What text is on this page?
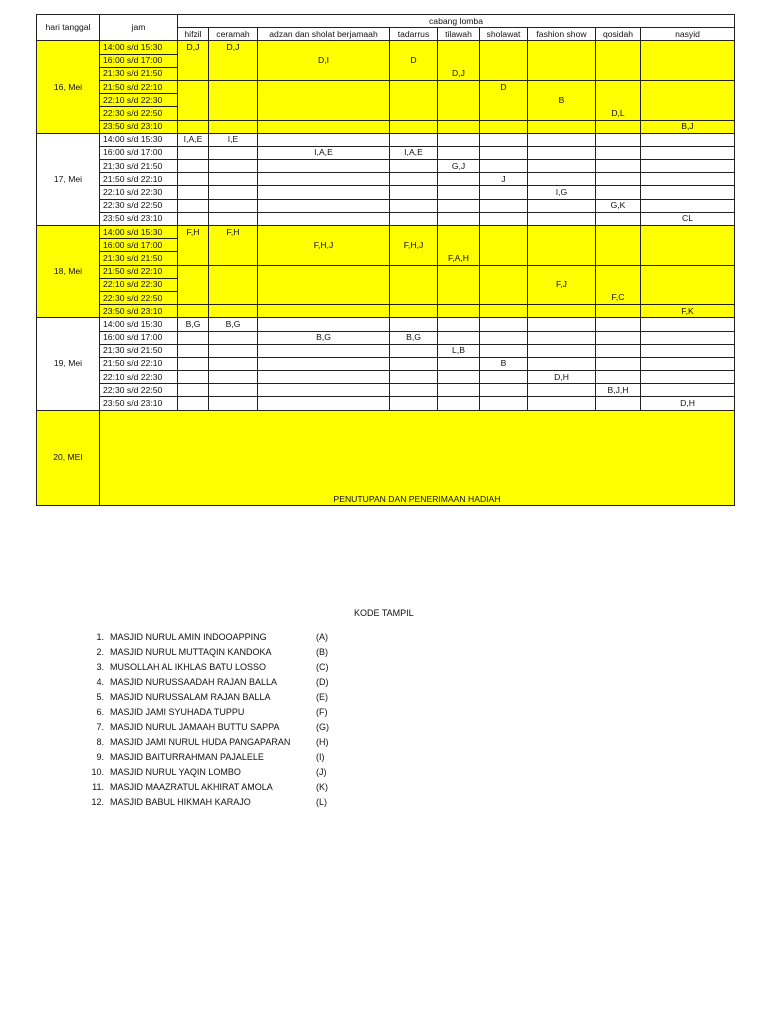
hari tanggal	jam	cabang lomba								
		hifzil	ceramah	adzan dan sholat berjamaah	tadarrus	tilawah	sholawat	fashion show	qosidah	nasyid
16, Mei	14:00 s/d 15:30	D,J	D,J							
	16:00 s/d 17:00			D,I	D					
	21:30 s/d 21:50					D,J				
	21:50 s/d 22:10						D			
	22:10 s/d 22:30							B		
	22:30 s/d 22:50								D,L	
	23:50 s/d 23:10									B,J
17, Mei	14:00 s/d 15:30	I,A,E	I,E							
	16:00 s/d 17:00			I,A,E	I,A,E					
	21:30 s/d 21:50					G,J				
	21:50 s/d 22:10						J			
	22:10 s/d 22:30							I,G		
	22:30 s/d 22:50								G,K	
	23:50 s/d 23:10									CL
18, Mei	14:00 s/d 15:30	F,H	F,H							
	16:00 s/d 17:00			F,H,J	F,H,J					
	21:30 s/d 21:50					F,A,H				
	21:50 s/d 22:10									
	22:10 s/d 22:30							F,J		
	22:30 s/d 22:50								F,C	
	23:50 s/d 23:10									F,K
19, Mei	14:00 s/d 15:30	B,G	B,G							
	16:00 s/d 17:00			B,G	B,G					
	21:30 s/d 21:50					L,B				
	21:50 s/d 22:10						B			
	22:10 s/d 22:30							D,H		
	22:30 s/d 22:50								B,J,H	
	23:50 s/d 23:10									D,H
20, MEI	PENUTUPAN DAN PENERIMAAN HADIAH									
KODE TAMPIL
1. MASJID NURUL AMIN INDOOAPPING	(A)
2. MASJID NURUL MUTTAQIN KANDOKA	(B)
3. MUSOLLAH AL IKHLAS BATU LOSSO	(C)
4. MASJID NURUSSAADAH RAJAN BALLA	(D)
5. MASJID NURUSSALAM RAJAN BALLA	(E)
6. MASJID JAMI SYUHADA TUPPU	(F)
7. MASJID NURUL JAMAAH BUTTU SAPPA	(G)
8. MASJID JAMI NURUL HUDA PANGAPARAN	(H)
9. MASJID BAITURRAHMAN PAJALELE	(I)
10. MASJID NURUL YAQIN LOMBO	(J)
11. MASJID MAAZRATUL AKHIRAT AMOLA	(K)
12. MASJID BABUL HIKMAH KARAJO	(L)
